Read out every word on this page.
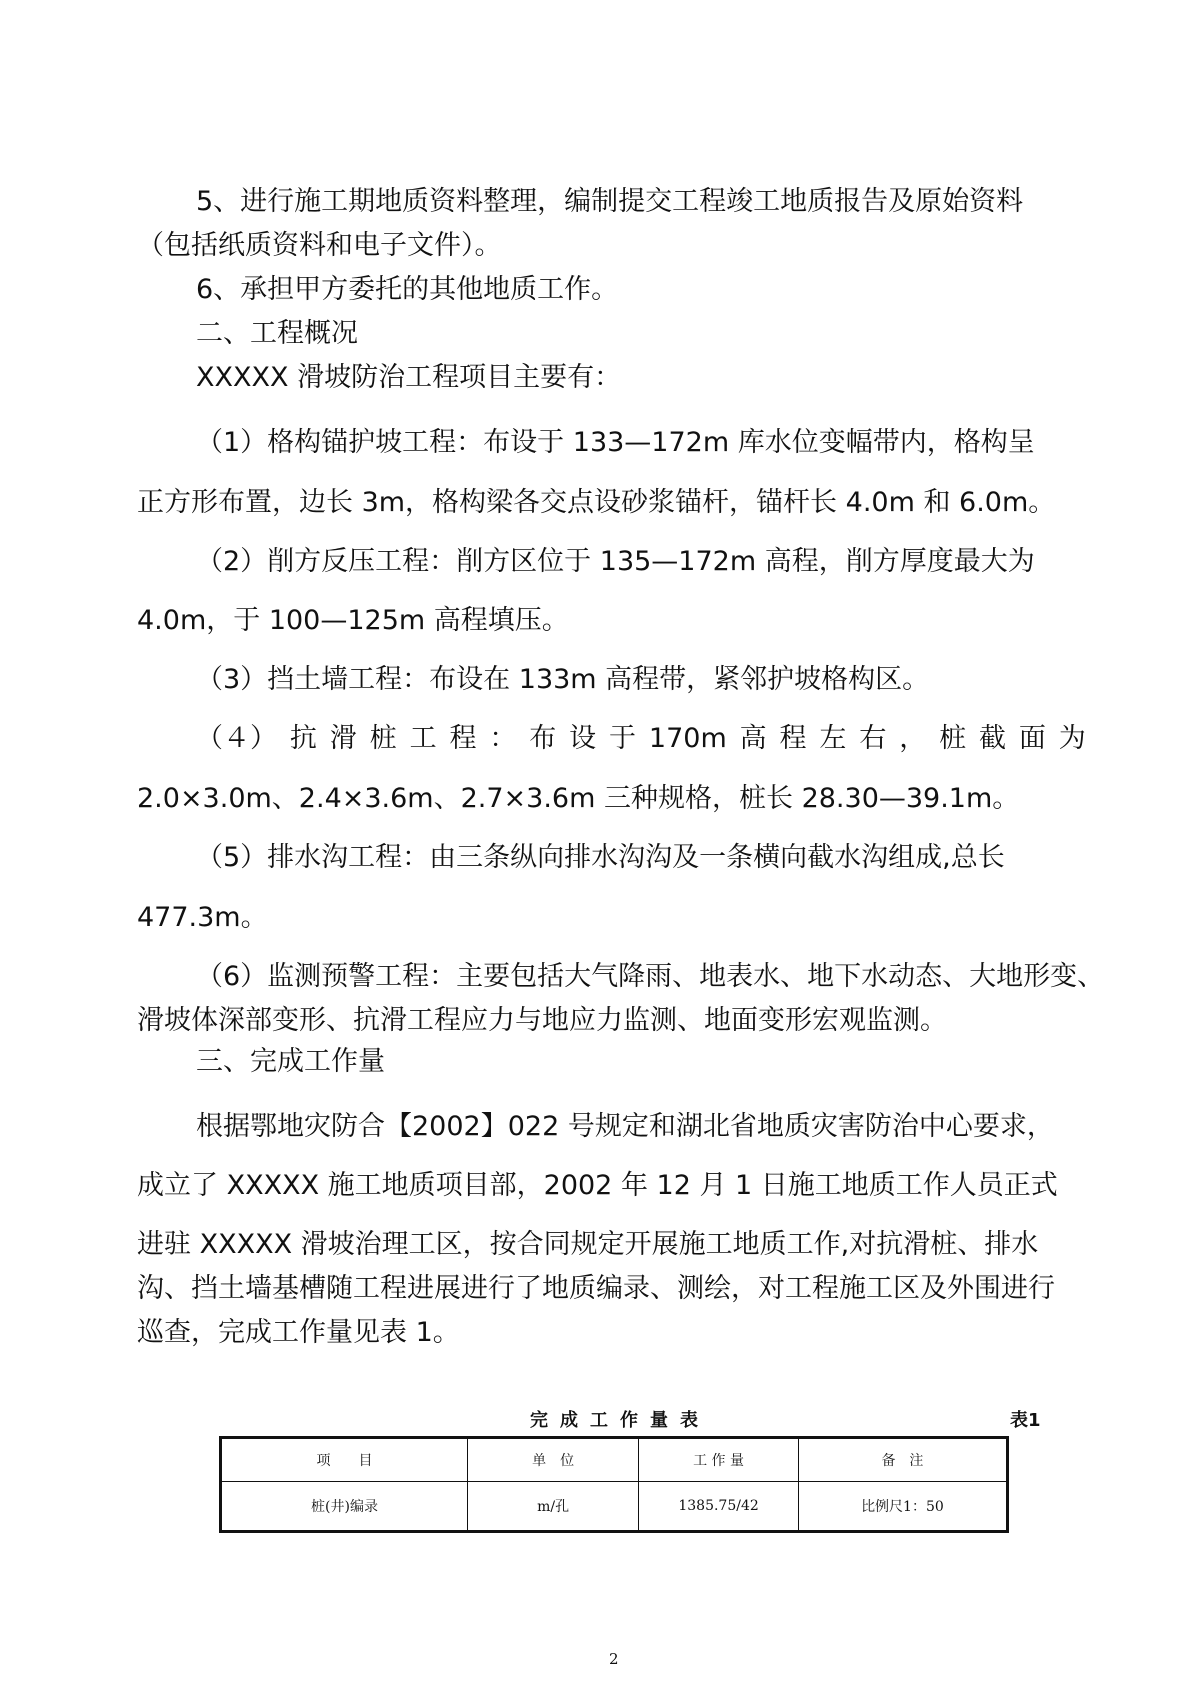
5、进行施工期地质资料整理，编制提交工程竣工地质报告及原始资料
（包括纸质资料和电子文件）。
6、承担甲方委托的其他地质工作。
二、工程概况
XXXXX 滑坡防治工程项目主要有：
（1）格构锚护坡工程：布设于 133—172m 库水位变幅带内，格构呈
正方形布置，边长 3m，格构梁各交点设砂浆锚杆，锚杆长 4.0m 和 6.0m。
（2）削方反压工程：削方区位于 135—172m 高程，削方厚度最大为
4.0m，于 100—125m 高程填压。
（3）挡土墙工程：布设在 133m 高程带，紧邻护坡格构区。
（４） 抗 滑 桩 工 程 ： 布 设 于 170m 高 程 左 右 ， 桩 截 面 为
2.0×3.0m、2.4×3.6m、2.7×3.6m 三种规格，桩长 28.30—39.1m。
（5）排水沟工程：由三条纵向排水沟沟及一条横向截水沟组成,总长
477.3m。
（6）监测预警工程：主要包括大气降雨、地表水、地下水动态、大地形变、
滑坡体深部变形、抗滑工程应力与地应力监测、地面变形宏观监测。
三、完成工作量
根据鄂地灾防合【2002】022 号规定和湖北省地质灾害防治中心要求，
成立了 XXXXX 施工地质项目部，2002 年 12 月 1 日施工地质工作人员正式
进驻 XXXXX 滑坡治理工区，按合同规定开展施工地质工作,对抗滑桩、排水
沟、挡土墙基槽随工程进展进行了地质编录、测绘，对工程施工区及外围进行
巡查，完成工作量见表 1。
完成工作量表	表1
项　　目	单　位	工 作 量	备　注
桩(井)编录	m/孔	1385.75/42	比例尺1：50
2
